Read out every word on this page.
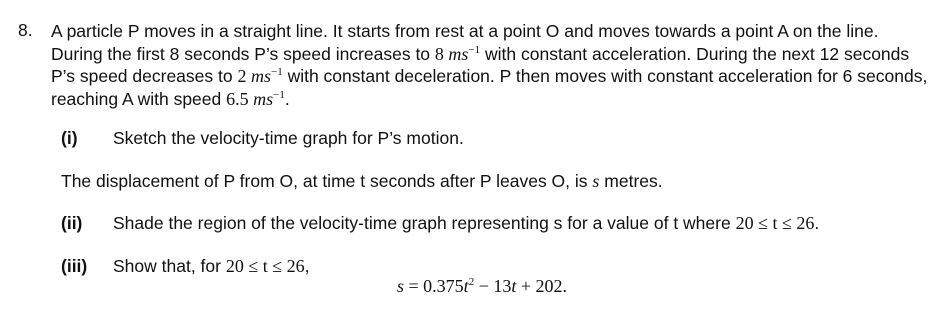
8. A particle P moves in a straight line. It starts from rest at a point O and moves towards a point A on the line.
During the first 8 seconds P’s speed increases to 8 $ms^{-1}$ with constant acceleration. During the next 12 seconds
P’s speed decreases to 2 $ms^{-1}$ with constant deceleration. P then moves with constant acceleration for 6 seconds,
reaching A with speed 6.5 $ms^{-1}$.
(i) Sketch the velocity-time graph for P’s motion.
The displacement of P from O, at time t seconds after P leaves O, is s metres.
(ii) Shade the region of the velocity-time graph representing s for a value of t where 20 ≤ t ≤ 26.
(iii) Show that, for 20 ≤ t ≤ 26,
$s = 0.375t^2 - 13t + 202$.
